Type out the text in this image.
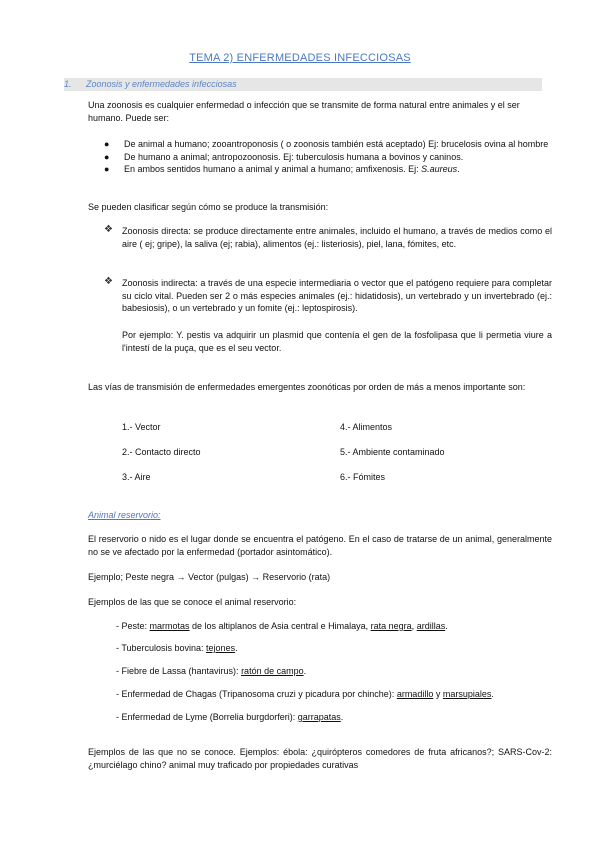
TEMA 2) ENFERMEDADES INFECCIOSAS
1. Zoonosis y enfermedades infecciosas

Una zoonosis es cualquier enfermedad o infección que se transmite de forma natural entre animales y el ser humano. Puede ser:

● De animal a humano; zooantroponosis ( o zoonosis también está aceptado) Ej: brucelosis ovina al hombre
● De humano a animal; antropozoonosis. Ej: tuberculosis humana a bovinos y caninos.
● En ambos sentidos humano a animal y animal a humano; amfixenosis. Ej: S.aureus.

Se pueden clasificar según cómo se produce la transmisión:

❖ Zoonosis directa: se produce directamente entre animales, incluido el humano, a través de medios como el aire ( ej; gripe), la saliva (ej; rabia), alimentos (ej.: listeriosis), piel, lana, fómites, etc.

❖ Zoonosis indirecta: a través de una especie intermediaria o vector que el patógeno requiere para completar su ciclo vital. Pueden ser 2 o más especies animales (ej.: hidatidosis), un vertebrado y un invertebrado (ej.: babesiosis), o un vertebrado y un fomite (ej.: leptospirosis).

Por ejemplo: Y. pestis va adquirir un plasmid que contenía el gen de la fosfolipasa que li permetia viure a l'intestí de la puça, que es el seu vector.

Las vías de transmisión de enfermedades emergentes zoonóticas por orden de más a menos importante son:

1.- Vector	4.- Alimentos
2.- Contacto directo	5.- Ambiente contaminado
3.- Aire	6.- Fómites
Animal reservorio:

El reservorio o nido es el lugar donde se encuentra el patógeno. En el caso de tratarse de un animal, generalmente no se ve afectado por la enfermedad (portador asintomático).

Ejemplo; Peste negra → Vector (pulgas) → Reservorio (rata)

Ejemplos de las que se conoce el animal reservorio:

- Peste: marmotas de los altiplanos de Asia central e Himalaya, rata negra, ardillas.
- Tuberculosis bovina: tejones.
- Fiebre de Lassa (hantavirus): ratón de campo.
- Enfermedad de Chagas (Tripanosoma cruzi y picadura por chinche): armadillo y marsupiales.
- Enfermedad de Lyme (Borrelia burgdorferi): garrapatas.

Ejemplos de las que no se conoce. Ejemplos: ébola: ¿quirópteros comedores de fruta africanos?; SARS-Cov-2: ¿murciélago chino? animal muy traficado por propiedades curativas
